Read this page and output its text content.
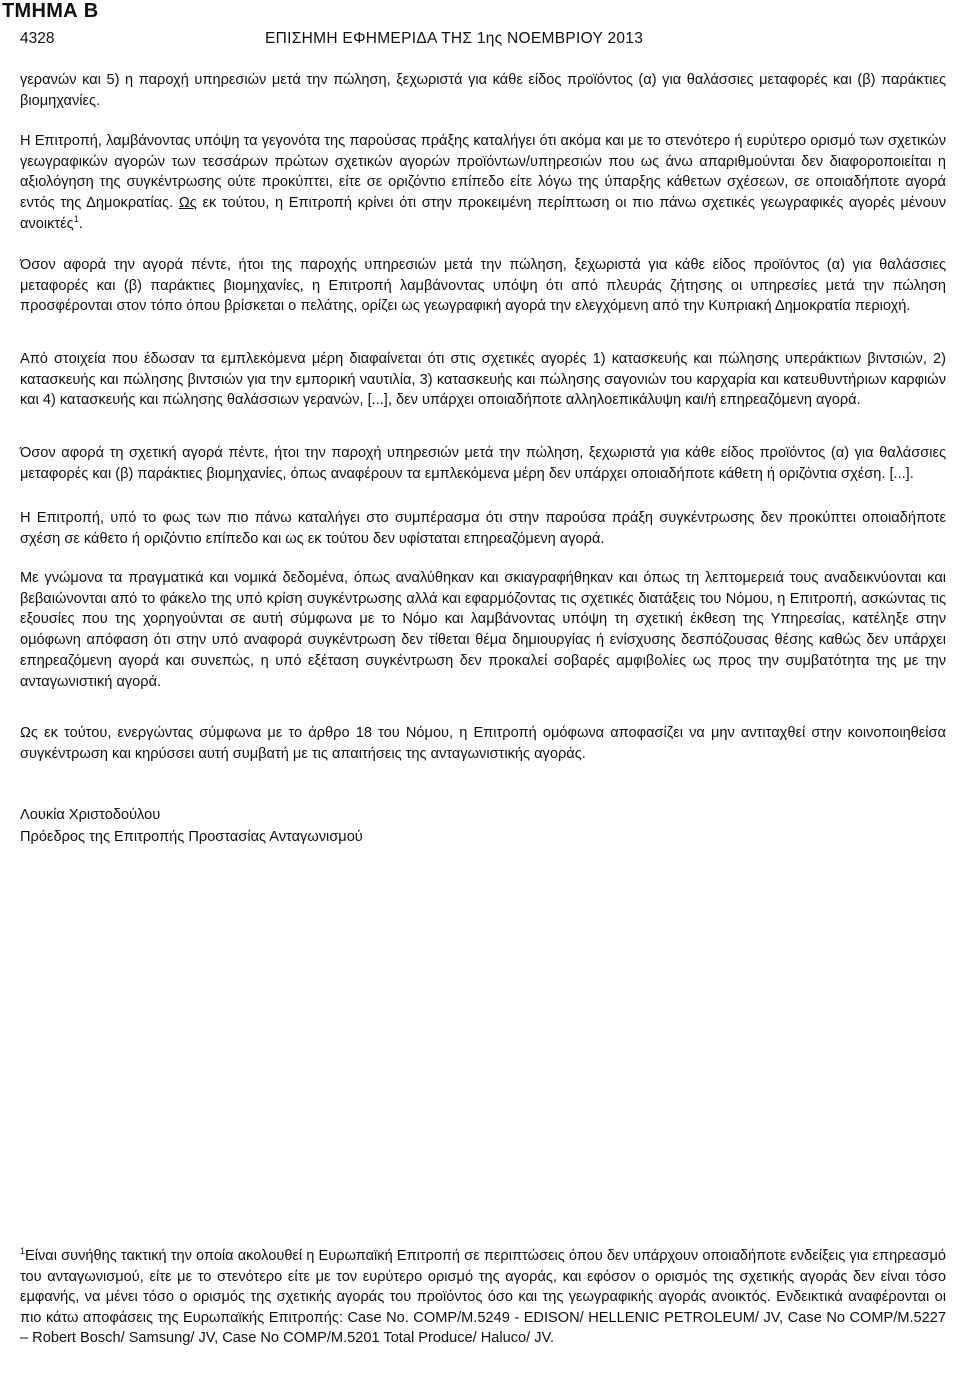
ΤΜΗΜΑ Β
4328	ΕΠΙΣΗΜΗ ΕΦΗΜΕΡΙΔΑ ΤΗΣ 1ης ΝΟΕΜΒΡΙΟΥ 2013

γερανών και 5) η παροχή υπηρεσιών μετά την πώληση, ξεχωριστά για κάθε είδος προϊόντος (α) για θαλάσσιες μεταφορές και (β) παράκτιες βιομηχανίες.

Η Επιτροπή, λαμβάνοντας υπόψη τα γεγονότα της παρούσας πράξης καταλήγει ότι ακόμα και με το στενότερο ή ευρύτερο ορισμό των σχετικών γεωγραφικών αγορών των τεσσάρων πρώτων σχετικών αγορών προϊόντων/υπηρεσιών που ως άνω απαριθμούνται δεν διαφοροποιείται η αξιολόγηση της συγκέντρωσης ούτε προκύπτει, είτε σε οριζόντιο επίπεδο είτε λόγω της ύπαρξης κάθετων σχέσεων, σε οποιαδήποτε αγορά εντός της Δημοκρατίας. Ως εκ τούτου, η Επιτροπή κρίνει ότι στην προκειμένη περίπτωση οι πιο πάνω σχετικές γεωγραφικές αγορές μένουν ανοικτές$^1$.

Όσον αφορά την αγορά πέντε, ήτοι της παροχής υπηρεσιών μετά την πώληση, ξεχωριστά για κάθε είδος προϊόντος (α) για θαλάσσιες μεταφορές και (β) παράκτιες βιομηχανίες, η Επιτροπή λαμβάνοντας υπόψη ότι από πλευράς ζήτησης οι υπηρεσίες μετά την πώληση προσφέρονται στον τόπο όπου βρίσκεται ο πελάτης, ορίζει ως γεωγραφική αγορά την ελεγχόμενη από την Κυπριακή Δημοκρατία περιοχή.

Από στοιχεία που έδωσαν τα εμπλεκόμενα μέρη διαφαίνεται ότι στις σχετικές αγορές 1) κατασκευής και πώλησης υπεράκτιων βιντσιών, 2) κατασκευής και πώλησης βιντσιών για την εμπορική ναυτιλία, 3) κατασκευής και πώλησης σαγονιών του καρχαρία και κατευθυντήριων καρφιών και 4) κατασκευής και πώλησης θαλάσσιων γερανών, [...], δεν υπάρχει οποιαδήποτε αλληλοεπικάλυψη και/ή επηρεαζόμενη αγορά.

Όσον αφορά τη σχετική αγορά πέντε, ήτοι την παροχή υπηρεσιών μετά την πώληση, ξεχωριστά για κάθε είδος προϊόντος (α) για θαλάσσιες μεταφορές και (β) παράκτιες βιομηχανίες, όπως αναφέρουν τα εμπλεκόμενα μέρη δεν υπάρχει οποιαδήποτε κάθετη ή οριζόντια σχέση. [...].

Η Επιτροπή, υπό το φως των πιο πάνω καταλήγει στο συμπέρασμα ότι στην παρούσα πράξη συγκέντρωσης δεν προκύπτει οποιαδήποτε σχέση σε κάθετο ή οριζόντιο επίπεδο και ως εκ τούτου δεν υφίσταται επηρεαζόμενη αγορά.

Με γνώμονα τα πραγματικά και νομικά δεδομένα, όπως αναλύθηκαν και σκιαγραφήθηκαν και όπως τη λεπτομερειά τους αναδεικνύονται και βεβαιώνονται από το φάκελο της υπό κρίση συγκέντρωσης αλλά και εφαρμόζοντας τις σχετικές διατάξεις του Νόμου, η Επιτροπή, ασκώντας τις εξουσίες που της χορηγούνται σε αυτή σύμφωνα με το Νόμο και λαμβάνοντας υπόψη τη σχετική έκθεση της Υπηρεσίας, κατέληξε στην ομόφωνη απόφαση ότι στην υπό αναφορά συγκέντρωση δεν τίθεται θέμα δημιουργίας ή ενίσχυσης δεσπόζουσας θέσης καθώς δεν υπάρχει επηρεαζόμενη αγορά και συνεπώς, η υπό εξέταση συγκέντρωση δεν προκαλεί σοβαρές αμφιβολίες ως προς την συμβατότητα της με την ανταγωνιστική αγορά.

Ως εκ τούτου, ενεργώντας σύμφωνα με το άρθρο 18 του Νόμου, η Επιτροπή ομόφωνα αποφασίζει να μην αντιταχθεί στην κοινοποιηθείσα συγκέντρωση και κηρύσσει αυτή συμβατή με τις απαιτήσεις της ανταγωνιστικής αγοράς.

Λουκία Χριστοδούλου
Πρόεδρος της Επιτροπής Προστασίας Ανταγωνισμού

$^1$Είναι συνήθης τακτική την οποία ακολουθεί η Ευρωπαϊκή Επιτροπή σε περιπτώσεις όπου δεν υπάρχουν οποιαδήποτε ενδείξεις για επηρεασμό του ανταγωνισμού, είτε με το στενότερο είτε με τον ευρύτερο ορισμό της αγοράς, και εφόσον ο ορισμός της σχετικής αγοράς δεν είναι τόσο εμφανής, να μένει τόσο ο ορισμός της σχετικής αγοράς του προϊόντος όσο και της γεωγραφικής αγοράς ανοικτός. Ενδεικτικά αναφέρονται οι πιο κάτω αποφάσεις της Ευρωπαϊκής Επιτροπής: Case No. COMP/M.5249 - EDISON/ HELLENIC PETROLEUM/ JV, Case No COMP/M.5227 – Robert Bosch/ Samsung/ JV, Case No COMP/M.5201 Total Produce/ Haluco/ JV.
